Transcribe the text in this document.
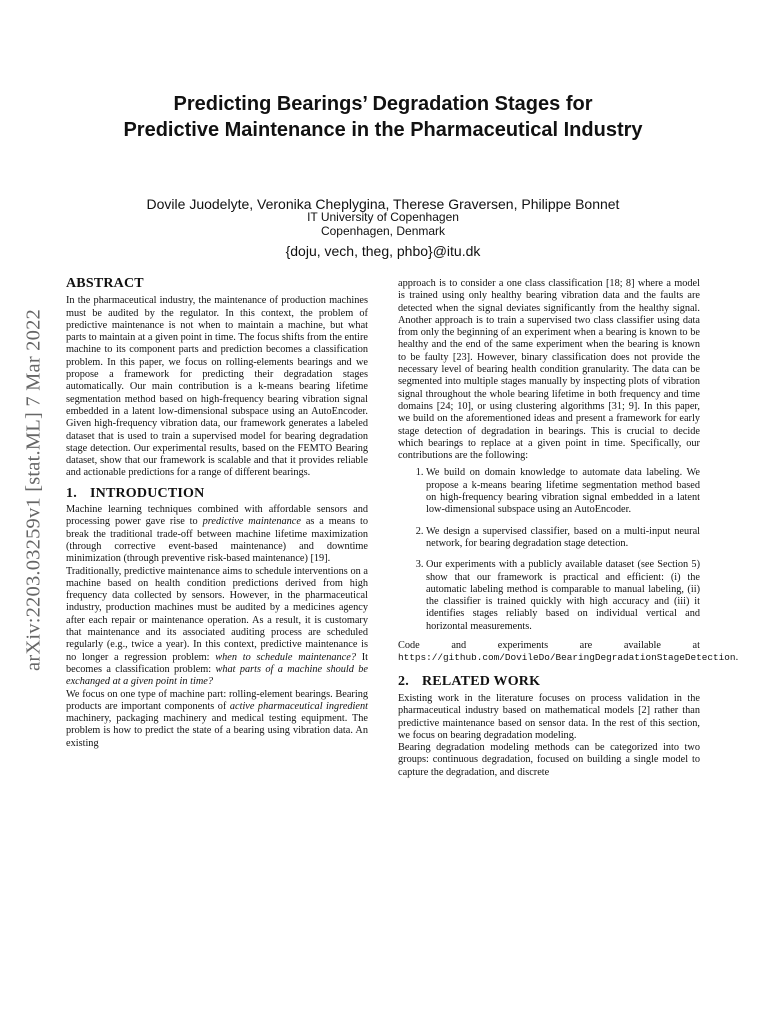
arXiv:2203.03259v1 [stat.ML] 7 Mar 2022
Predicting Bearings’ Degradation Stages for
Predictive Maintenance in the Pharmaceutical Industry
Dovile Juodelyte, Veronika Cheplygina, Therese Graversen, Philippe Bonnet
IT University of Copenhagen
Copenhagen, Denmark
{doju, vech, theg, phbo}@itu.dk
ABSTRACT

In the pharmaceutical industry, the maintenance of production machines must be audited by the regulator. In this context, the problem of predictive maintenance is not when to maintain a machine, but what parts to maintain at a given point in time. The focus shifts from the entire machine to its component parts and prediction becomes a classification problem. In this paper, we focus on rolling-elements bearings and we propose a framework for predicting their degradation stages automatically. Our main contribution is a k-means bearing lifetime segmentation method based on high-frequency bearing vibration signal embedded in a latent low-dimensional subspace using an AutoEncoder. Given high-frequency vibration data, our framework generates a labeled dataset that is used to train a supervised model for bearing degradation stage detection. Our experimental results, based on the FEMTO Bearing dataset, show that our framework is scalable and that it provides reliable and actionable predictions for a range of different bearings.

1. INTRODUCTION

Machine learning techniques combined with affordable sensors and processing power gave rise to predictive maintenance as a means to break the traditional trade-off between machine lifetime maximization (through corrective event-based maintenance) and downtime minimization (through preventive risk-based maintenance) [19].

Traditionally, predictive maintenance aims to schedule interventions on a machine based on health condition predictions derived from high frequency data collected by sensors. However, in the pharmaceutical industry, production machines must be audited by a medicines agency after each repair or maintenance operation. As a result, it is customary that maintenance and its associated auditing process are scheduled regularly (e.g., twice a year). In this context, predictive maintenance is no longer a regression problem: when to schedule maintenance? It becomes a classification problem: what parts of a machine should be exchanged at a given point in time?

We focus on one type of machine part: rolling-element bearings. Bearing products are important components of active pharmaceutical ingredient machinery, packaging machinery and medical testing equipment. The problem is how to predict the state of a bearing using vibration data. An existing

approach is to consider a one class classification [18; 8] where a model is trained using only healthy bearing vibration data and the faults are detected when the signal deviates significantly from the healthy signal. Another approach is to train a supervised two class classifier using data from only the beginning of an experiment when a bearing is known to be healthy and the end of the same experiment when the bearing is known to be faulty [23]. However, binary classification does not provide the necessary level of bearing health condition granularity. The data can be segmented into multiple stages manually by inspecting plots of vibration signal throughout the whole bearing lifetime in both frequency and time domains [24; 10], or using clustering algorithms [31; 9]. In this paper, we build on the aforementioned ideas and present a framework for early stage detection of degradation in bearings. This is crucial to decide which bearings to replace at a given point in time. Specifically, our contributions are the following:

1. We build on domain knowledge to automate data labeling. We propose a k-means bearing lifetime segmentation method based on high-frequency bearing vibration signal embedded in a latent low-dimensional subspace using an AutoEncoder.
2. We design a supervised classifier, based on a multi-input neural network, for bearing degradation stage detection.
3. Our experiments with a publicly available dataset (see Section 5) show that our framework is practical and efficient: (i) the automatic labeling method is comparable to manual labeling, (ii) the classifier is trained quickly with high accuracy and (iii) it identifies stages reliably based on individual vertical and horizontal measurements.

Code and experiments are available at https://github.com/DovileDo/BearingDegradationStageDetection.

2. RELATED WORK

Existing work in the literature focuses on process validation in the pharmaceutical industry based on mathematical models [2] rather than predictive maintenance based on sensor data. In the rest of this section, we focus on bearing degradation modeling.

Bearing degradation modeling methods can be categorized into two groups: continuous degradation, focused on building a single model to capture the degradation, and discrete
